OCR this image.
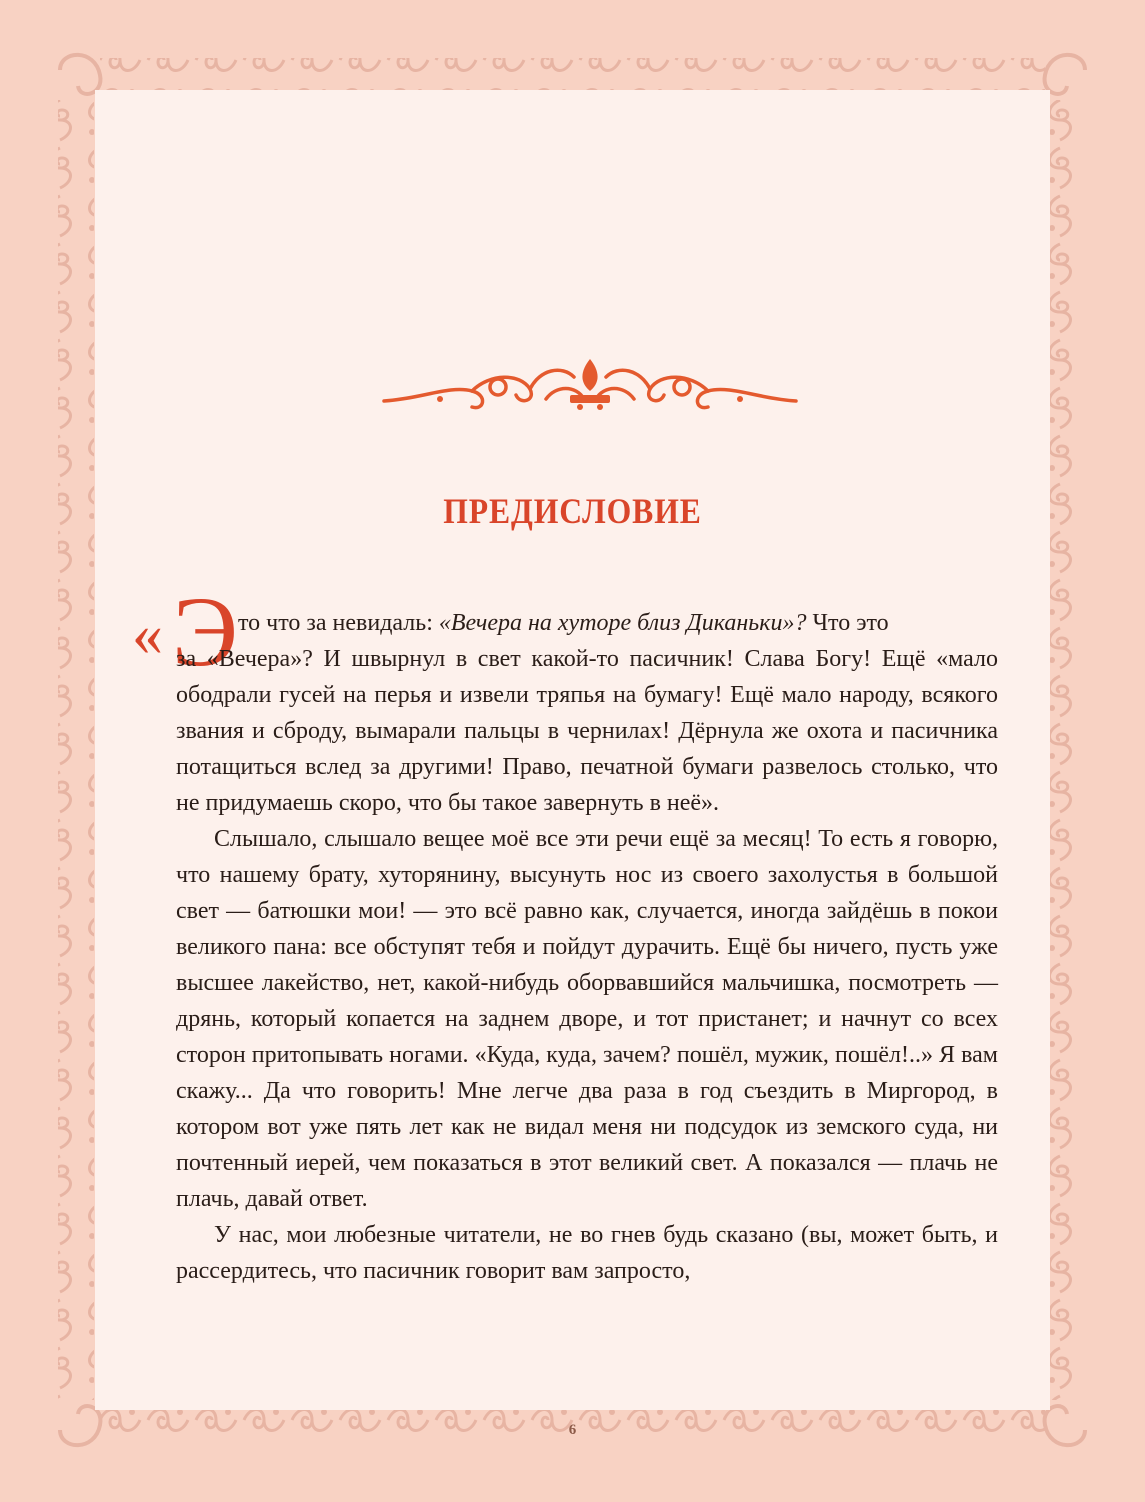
ПРЕДИСЛОВИЕ
« Э то что за невидаль: «Вечера на хуторе близ Диканьки»? Что это

за «Вечера»? И швырнул в свет какой-то пасичник! Слава Богу! Ещё «мало ободрали гусей на перья и извели тряпья на бумагу! Ещё мало народу, всякого звания и сброду, вымарали пальцы в чернилах! Дёрнула же охота и пасичника потащиться вслед за другими! Право, печатной бумаги развелось столько, что не придумаешь скоро, что бы такое завернуть в неё».

Слышало, слышало вещее моё все эти речи ещё за месяц! То есть я говорю, что нашему брату, хуторянину, высунуть нос из своего захолустья в большой свет — батюшки мои! — это всё равно как, случается, иногда зайдёшь в покои великого пана: все обступят тебя и пойдут дурачить. Ещё бы ничего, пусть уже высшее лакейство, нет, какой-нибудь оборвавшийся мальчишка, посмотреть — дрянь, который копается на заднем дворе, и тот пристанет; и начнут со всех сторон притопывать ногами. «Куда, куда, зачем? пошёл, мужик, пошёл!..» Я вам скажу... Да что говорить! Мне легче два раза в год съездить в Миргород, в котором вот уже пять лет как не видал меня ни подсудок из земского суда, ни почтенный иерей, чем показаться в этот великий свет. А показался — плачь не плачь, давай ответ.

У нас, мои любезные читатели, не во гнев будь сказано (вы, может быть, и рассердитесь, что пасичник говорит вам запросто,

6
